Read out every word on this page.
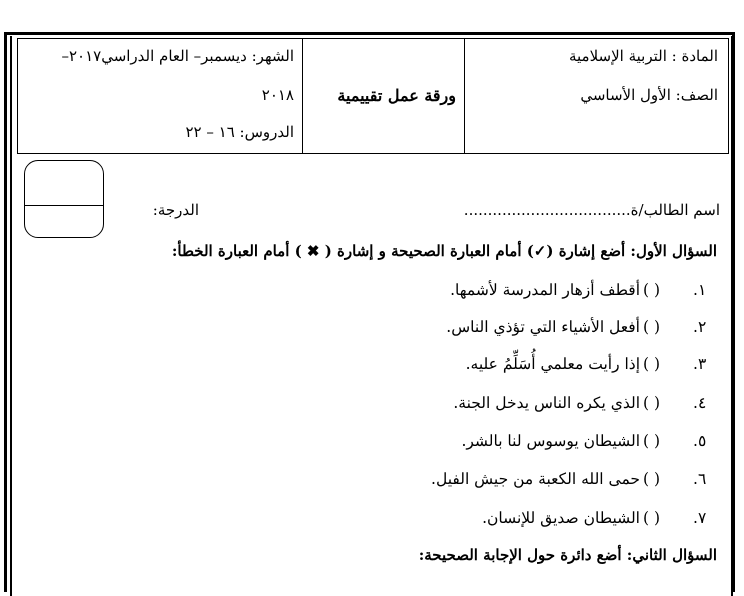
المادة : التربية الإسلامية
الصف: الأول الأساسي
ورقة عمل تقييمية
الشهر: ديسمبر– العام الدراسي٢٠١٧–
٢٠١٨
الدروس: ١٦ – ٢٢
اسم الطالب/ة...................................
الدرجة:
السؤال الأول: أضع إشارة (✓) أمام العبارة الصحيحة و إشارة ( ✖ ) أمام العبارة الخطأ:
.١
( )
أقطف أزهار المدرسة لأشمها.
.٢
( )
أفعل الأشياء التي تؤذي الناس.
.٣
( )
إذا رأيت معلمي أُسَلِّمُ عليه.
.٤
( )
الذي يكره الناس يدخل الجنة.
.٥
( )
الشيطان يوسوس لنا بالشر.
.٦
( )
حمى الله الكعبة من جيش الفيل.
.٧
( )
الشيطان صديق للإنسان.
السؤال الثاني: أضع دائرة حول الإجابة الصحيحة:
